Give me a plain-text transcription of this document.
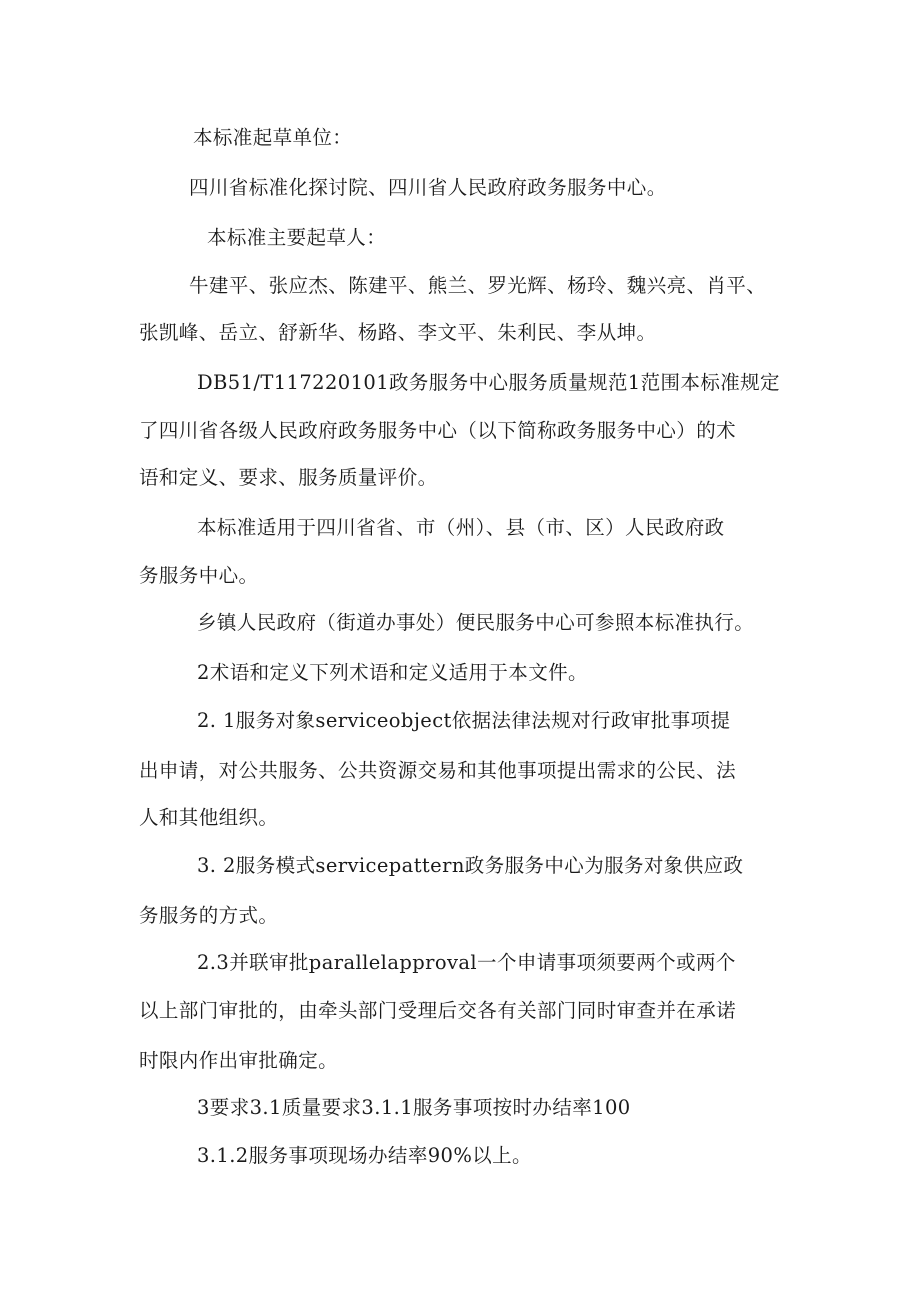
本标准起草单位：
四川省标准化探讨院、四川省人民政府政务服务中心。
本标准主要起草人：
牛建平、张应杰、陈建平、熊兰、罗光辉、杨玲、魏兴亮、肖平、
张凯峰、岳立、舒新华、杨路、李文平、朱利民、李从坤。
DB51/T117220101政务服务中心服务质量规范1范围本标准规定
了四川省各级人民政府政务服务中心（以下简称政务服务中心）的术
语和定义、要求、服务质量评价。
本标准适用于四川省省、市（州）、县（市、区）人民政府政
务服务中心。
乡镇人民政府（街道办事处）便民服务中心可参照本标准执行。
2术语和定义下列术语和定义适用于本文件。
2. 1服务对象serviceobject依据法律法规对行政审批事项提
出申请，对公共服务、公共资源交易和其他事项提出需求的公民、法
人和其他组织。
3. 2服务模式servicepattern政务服务中心为服务对象供应政
务服务的方式。
2.3并联审批parallelapproval一个申请事项须要两个或两个
以上部门审批的，由牵头部门受理后交各有关部门同时审查并在承诺
时限内作出审批确定。
3要求3.1质量要求3.1.1服务事项按时办结率100
3.1.2服务事项现场办结率90%以上。
